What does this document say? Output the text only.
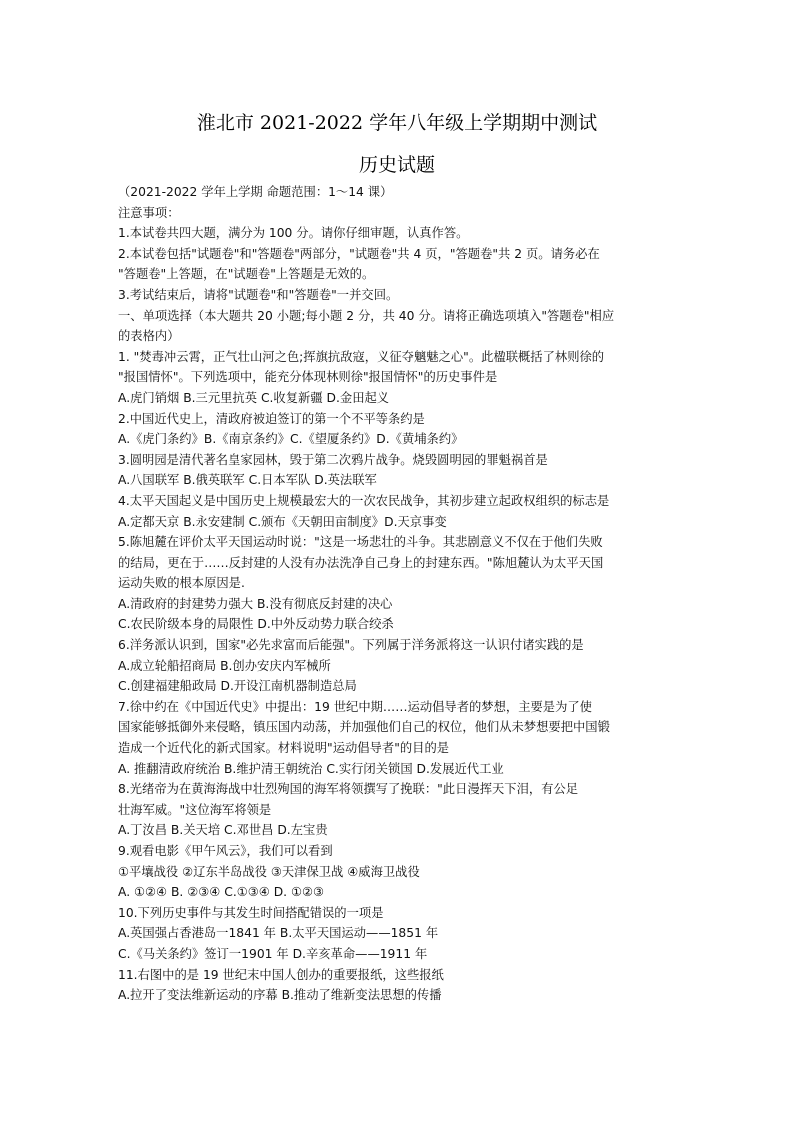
淮北市 2021-2022 学年八年级上学期期中测试
历史试题
（2021-2022 学年上学期 命题范围：1～14 课）
注意事项：
1.本试卷共四大题，满分为 100 分。请你仔细审题，认真作答。
2.本试卷包括"试题卷"和"答题卷"两部分，"试题卷"共 4 页，"答题卷"共 2 页。请务必在
"答题卷"上答题，在"试题卷"上答题是无效的。
3.考试结束后，请将"试题卷"和"答题卷"一并交回。
一、单项选择（本大题共 20 小题;每小题 2 分，共 40 分。请将正确选项填入"答题卷"相应
的表格内）
1. "焚毒冲云霄，正气壮山河之色;挥旗抗敌寇，义征夺魑魅之心"。此楹联概括了林则徐的
"报国情怀"。下列选项中，能充分体现林则徐"报国情怀"的历史事件是
A.虎门销烟 B.三元里抗英 C.收复新疆 D.金田起义
2.中国近代史上，清政府被迫签订的第一个不平等条约是
A.《虎门条约》B.《南京条约》C.《望厦条约》D.《黄埔条约》
3.圆明园是清代著名皇家园林，毁于第二次鸦片战争。烧毁圆明园的罪魁祸首是
A.八国联军 B.俄英联军 C.日本军队 D.英法联军
4.太平天国起义是中国历史上规模最宏大的一次农民战争，其初步建立起政权组织的标志是
A.定都天京 B.永安建制 C.颁布《天朝田亩制度》D.天京事变
5.陈旭麓在评价太平天国运动时说："这是一场悲壮的斗争。其悲剧意义不仅在于他们失败
的结局，更在于……反封建的人没有办法洗净自己身上的封建东西。"陈旭麓认为太平天国
运动失败的根本原因是.
A.清政府的封建势力强大 B.没有彻底反封建的决心
C.农民阶级本身的局限性 D.中外反动势力联合绞杀
6.洋务派认识到，国家"必先求富而后能强"。下列属于洋务派将这一认识付诸实践的是
A.成立轮船招商局 B.创办安庆内军械所
C.创建福建船政局 D.开设江南机器制造总局
7.徐中约在《中国近代史》中提出：19 世纪中期……运动倡导者的梦想，主要是为了使
国家能够抵御外来侵略，镇压国内动荡，并加强他们自己的权位，他们从未梦想要把中国锻
造成一个近代化的新式国家。材料说明"运动倡导者"的目的是
A. 推翻清政府统治 B.维护清王朝统治 C.实行闭关锁国 D.发展近代工业
8.光绪帝为在黄海海战中壮烈殉国的海军将领撰写了挽联："此日漫挥天下泪，有公足
壮海军威。"这位海军将领是
A.丁汝昌 B.关天培 C.邓世昌 D.左宝贵
9.观看电影《甲午风云》，我们可以看到
①平壤战役 ②辽东半岛战役 ③天津保卫战 ④威海卫战役
A. ①②④ B. ②③④ C.①③④ D. ①②③
10.下列历史事件与其发生时间搭配错误的一项是
A.英国强占香港岛一1841 年 B.太平天国运动——1851 年
C.《马关条约》签订一1901 年 D.辛亥革命——1911 年
11.右图中的是 19 世纪末中国人创办的重要报纸，这些报纸
A.拉开了变法维新运动的序幕 B.推动了维新变法思想的传播
